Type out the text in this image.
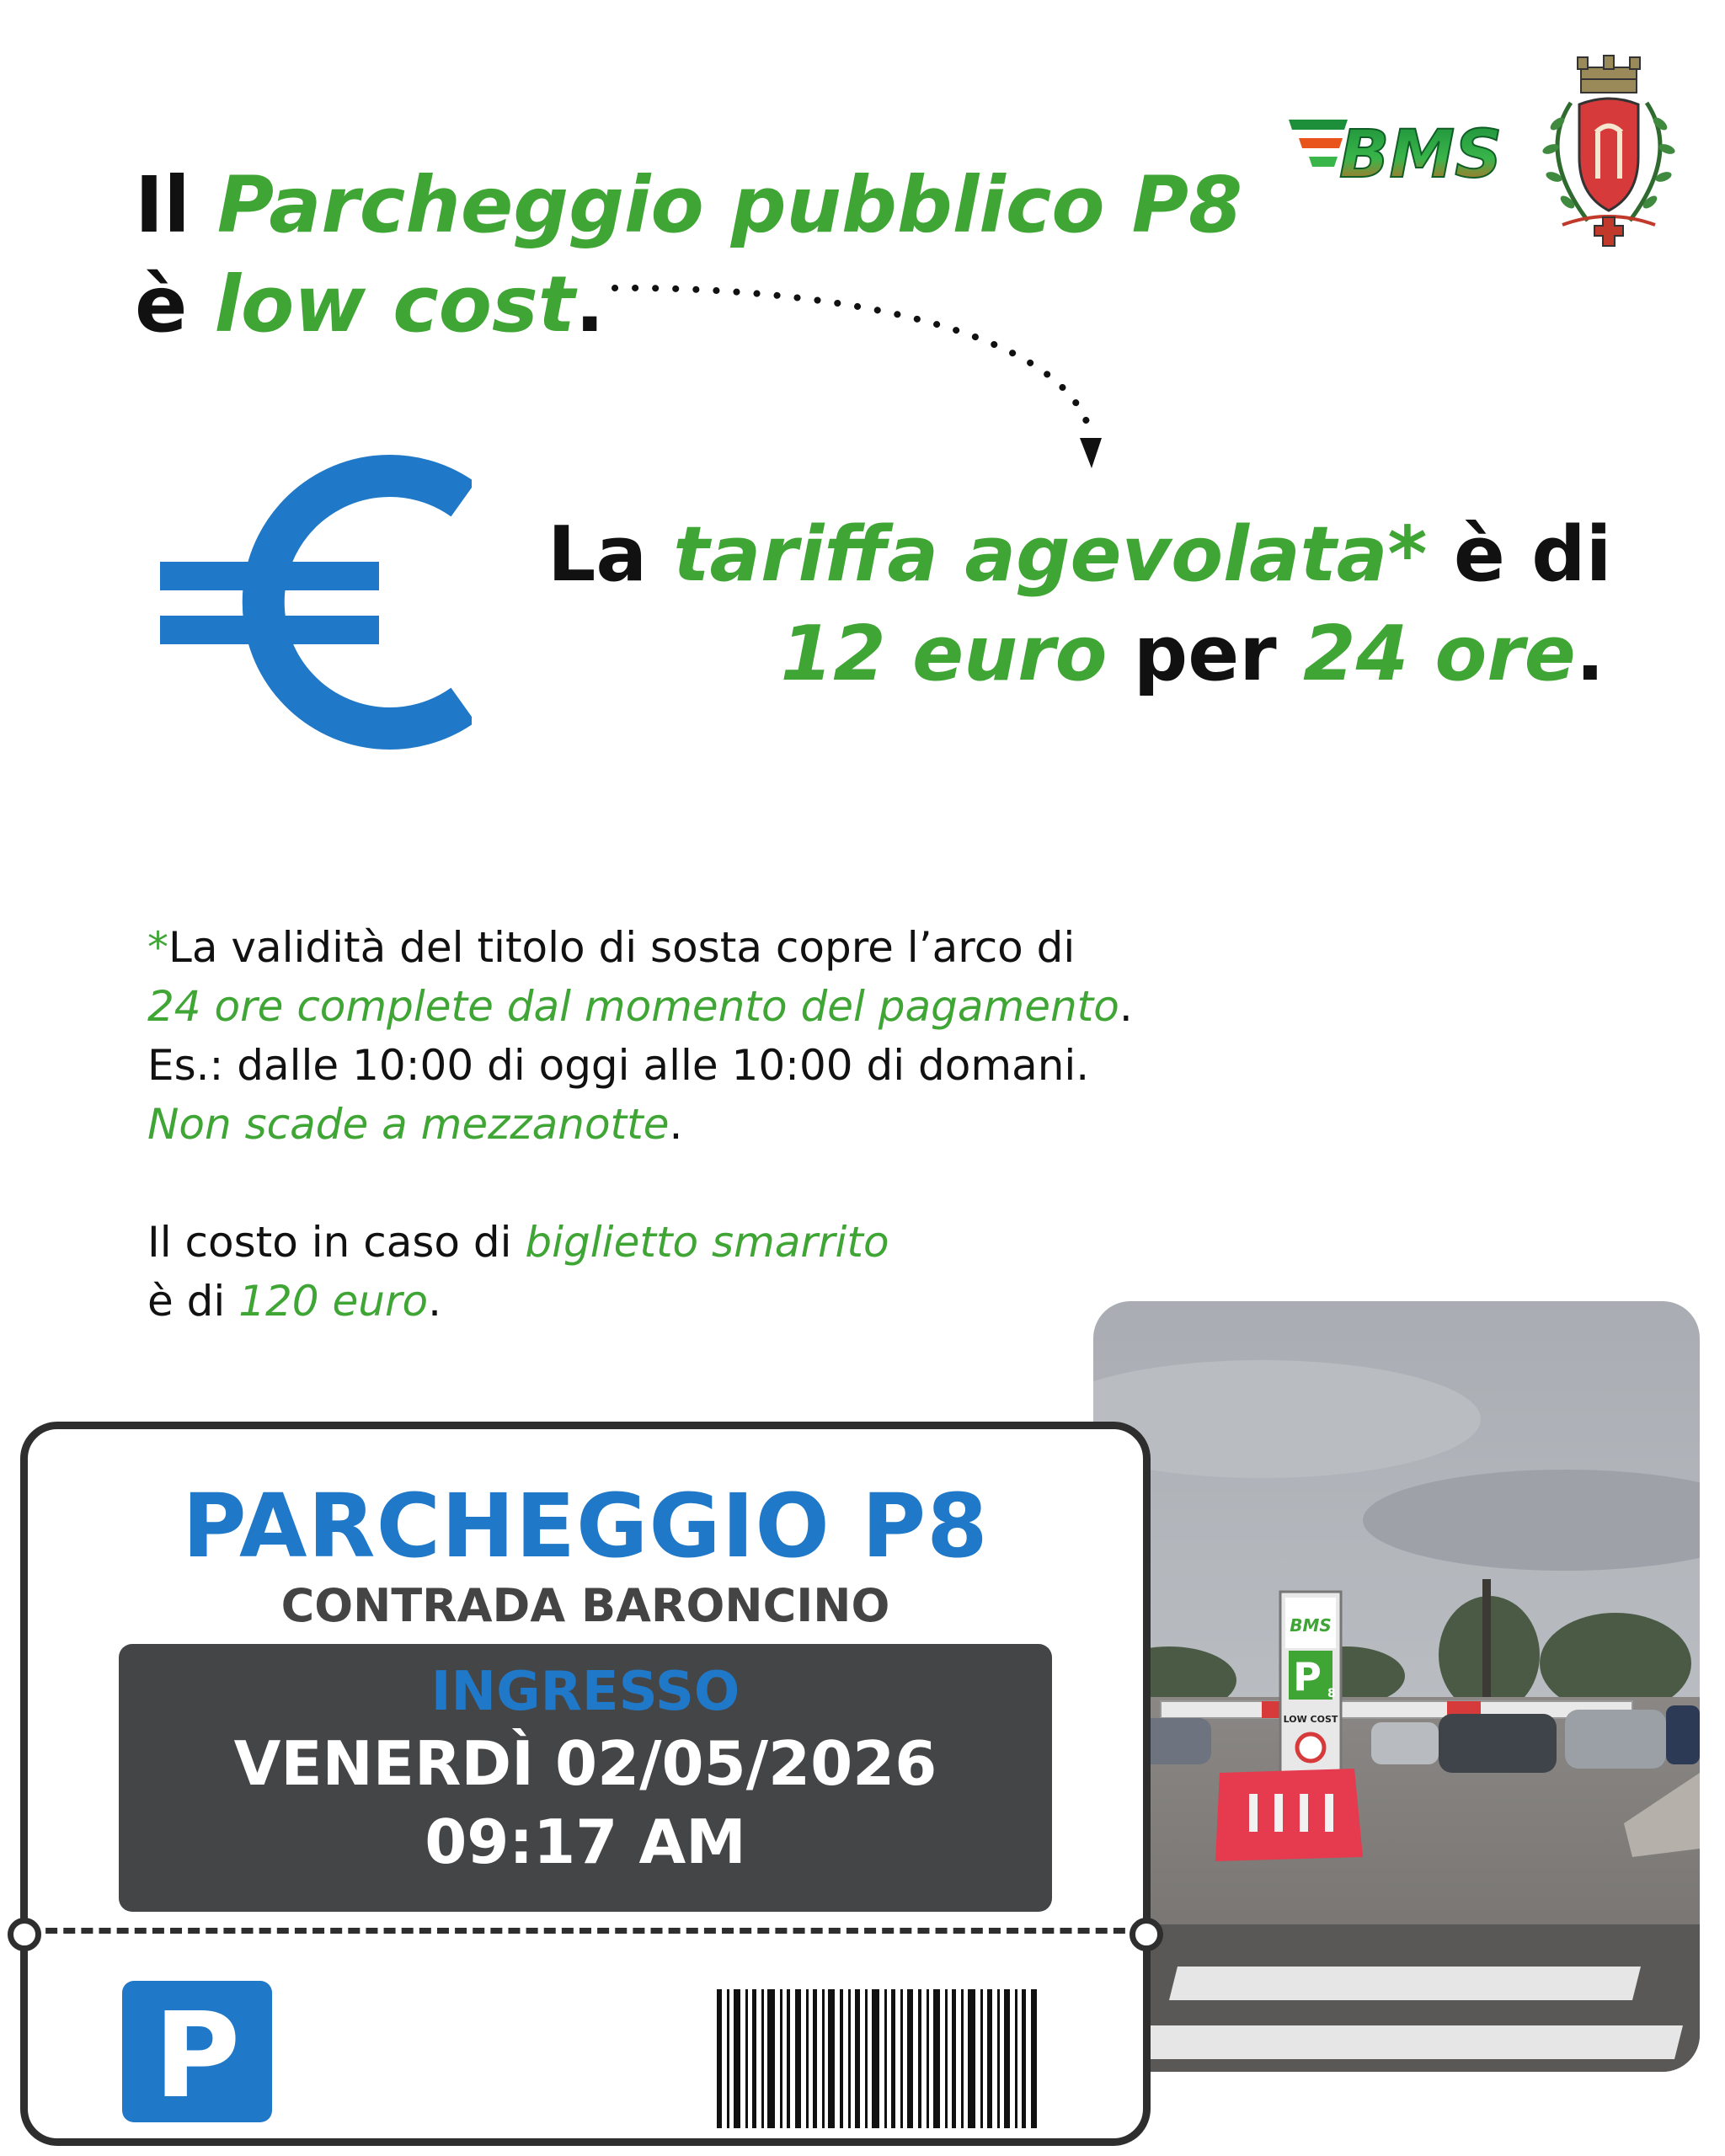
Il Parcheggio pubblico P8
è low cost.
BMS
La tariffa agevolata* è di
12 euro per 24 ore.
*La validità del titolo di sosta copre l’arco di
24 ore complete dal momento del pagamento.
Es.: dalle 10:00 di oggi alle 10:00 di domani.
Non scade a mezzanotte.
Il costo in caso di biglietto smarrito
è di 120 euro.
BMS
P 8
LOW COST
PARCHEGGIO P8
CONTRADA BARONCINO
INGRESSO
VENERDÌ 02/05/2026
09:17 AM
P
